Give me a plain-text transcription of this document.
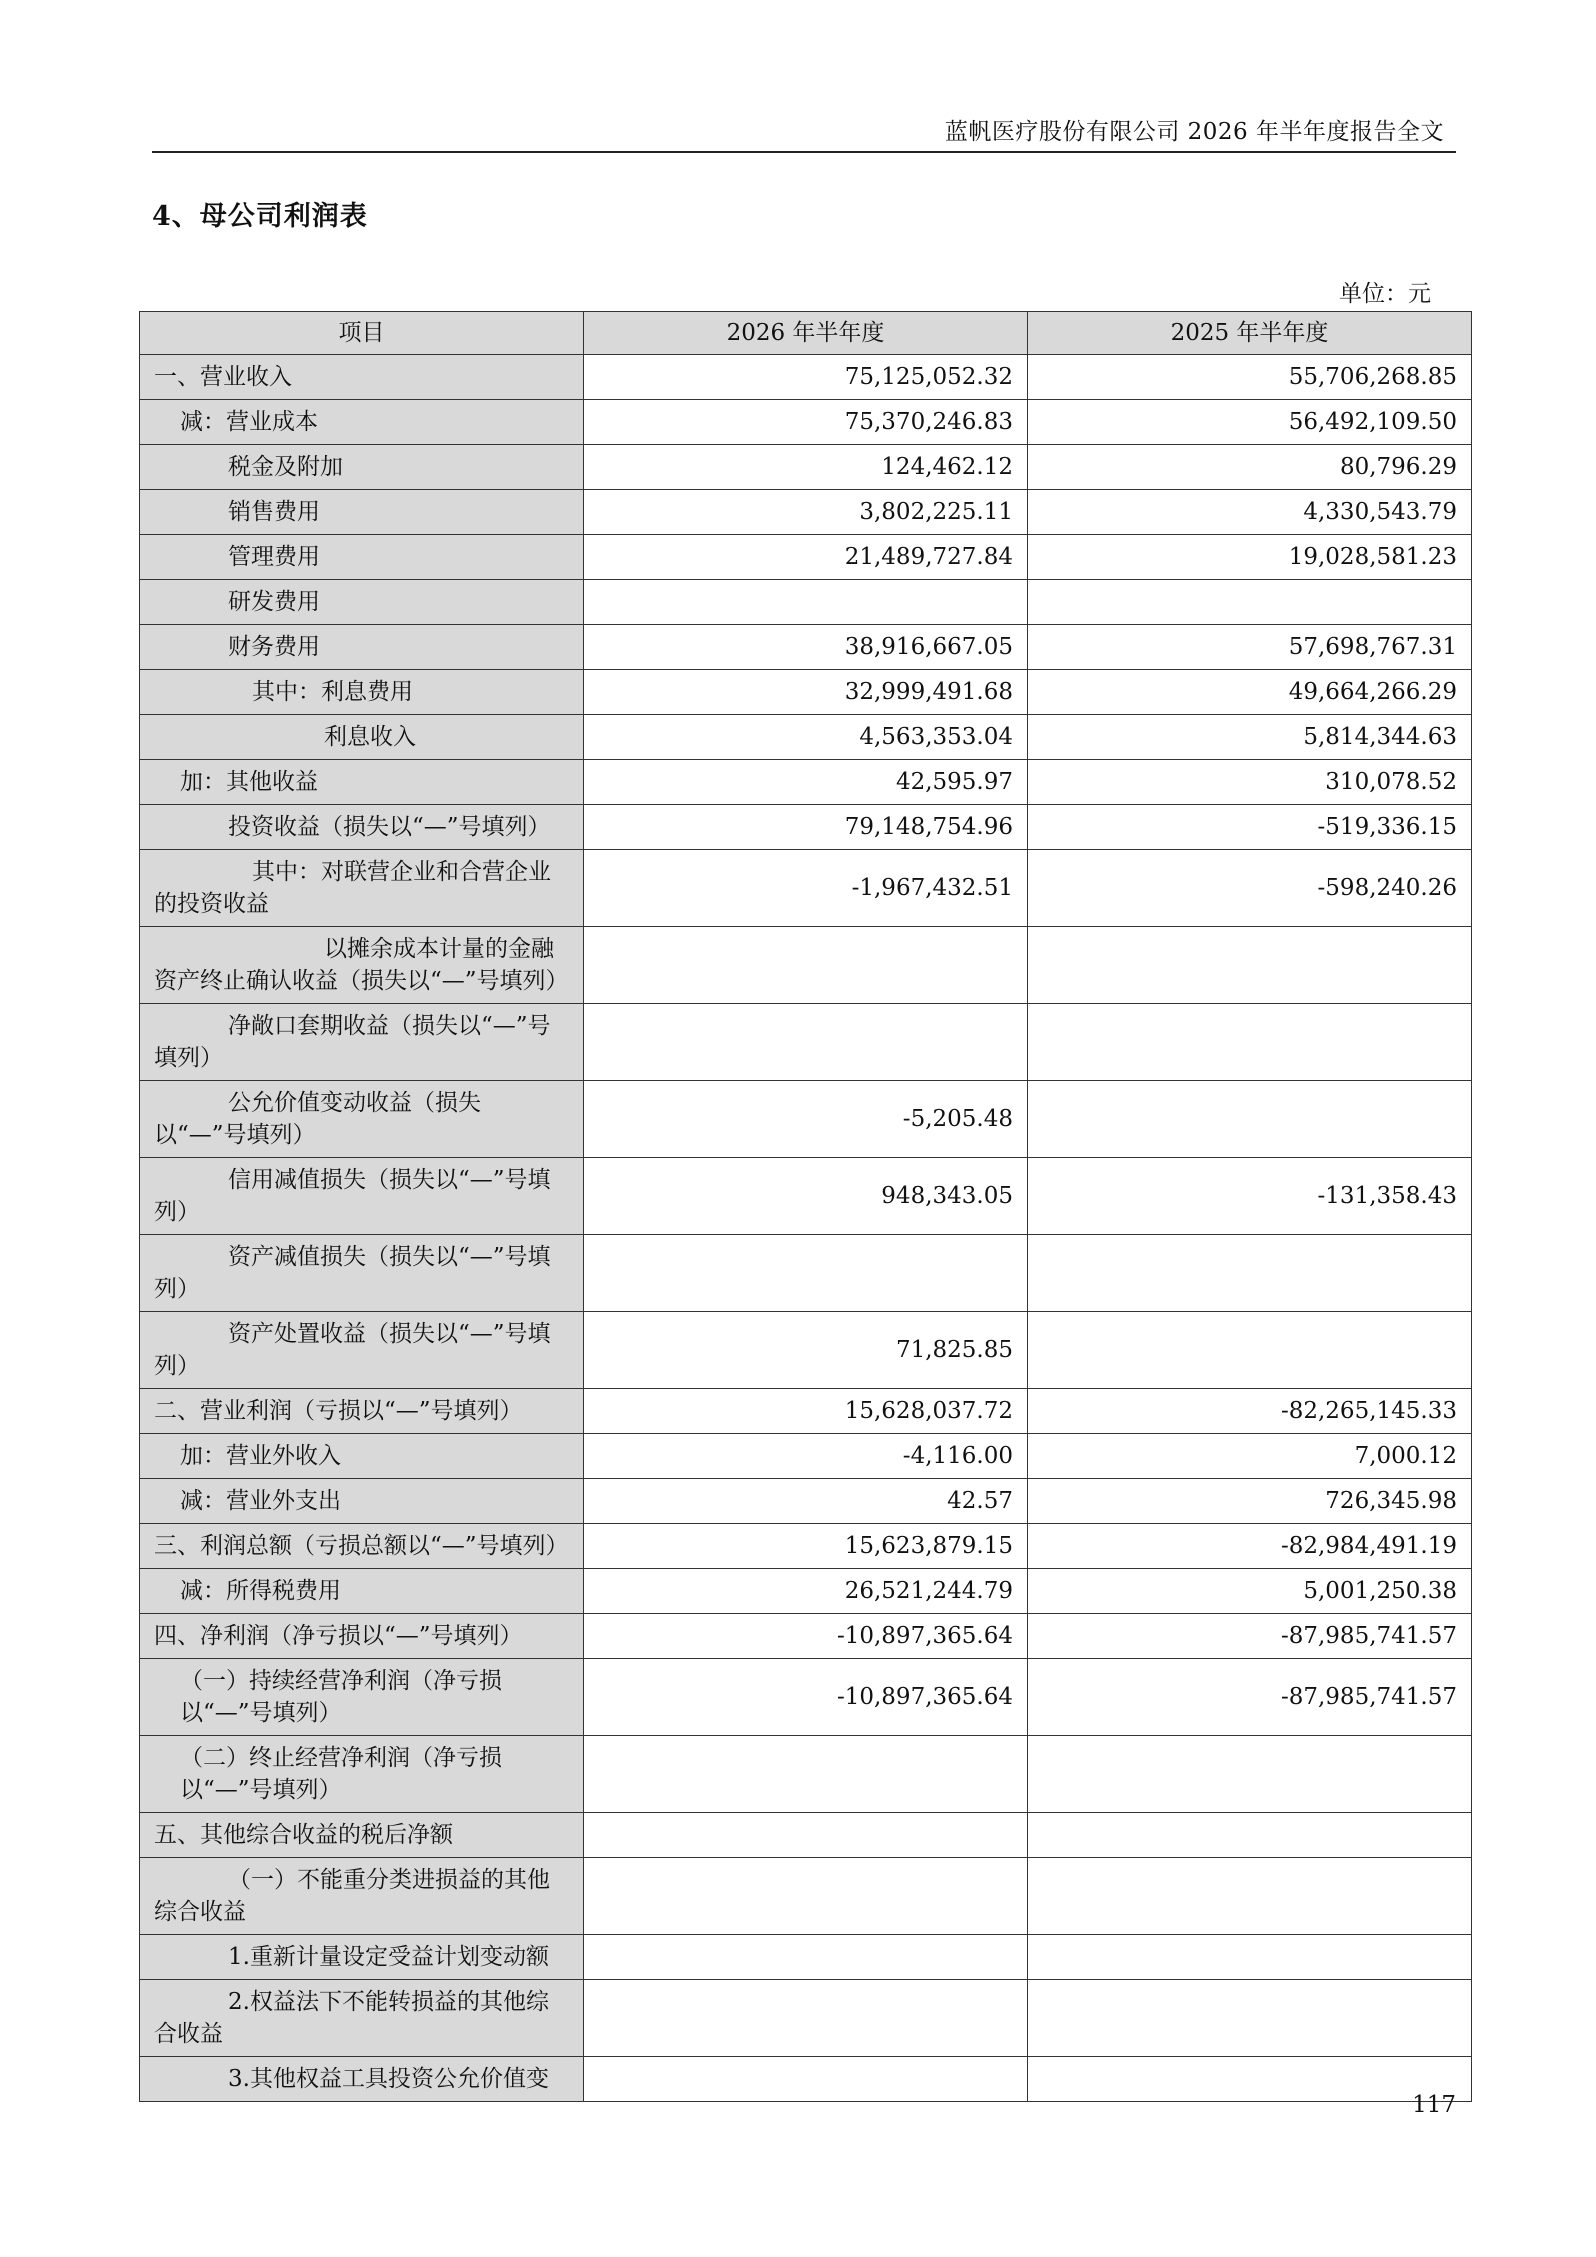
蓝帆医疗股份有限公司 2026 年半年度报告全文
4、母公司利润表
单位：元
项目	2026 年半年度	2025 年半年度
一、营业收入	75,125,052.32	55,706,268.85
减：营业成本	75,370,246.83	56,492,109.50
税金及附加	124,462.12	80,796.29
销售费用	3,802,225.11	4,330,543.79
管理费用	21,489,727.84	19,028,581.23
研发费用		
财务费用	38,916,667.05	57,698,767.31
其中：利息费用	32,999,491.68	49,664,266.29
利息收入	4,563,353.04	5,814,344.63
加：其他收益	42,595.97	310,078.52
投资收益（损失以“—”号填列）	79,148,754.96	-519,336.15
其中：对联营企业和合营企业的投资收益	-1,967,432.51	-598,240.26
以摊余成本计量的金融资产终止确认收益（损失以“—”号填列）		
净敞口套期收益（损失以“—”号填列）		
公允价值变动收益（损失以“—”号填列）	-5,205.48	
信用减值损失（损失以“—”号填列）	948,343.05	-131,358.43
资产减值损失（损失以“—”号填列）		
资产处置收益（损失以“—”号填列）	71,825.85	
二、营业利润（亏损以“—”号填列）	15,628,037.72	-82,265,145.33
加：营业外收入	-4,116.00	7,000.12
减：营业外支出	42.57	726,345.98
三、利润总额（亏损总额以“—”号填列）	15,623,879.15	-82,984,491.19
减：所得税费用	26,521,244.79	5,001,250.38
四、净利润（净亏损以“—”号填列）	-10,897,365.64	-87,985,741.57
（一）持续经营净利润（净亏损以“—”号填列）	-10,897,365.64	-87,985,741.57
（二）终止经营净利润（净亏损以“—”号填列）		
五、其他综合收益的税后净额		
（一）不能重分类进损益的其他综合收益		
1.重新计量设定受益计划变动额		
2.权益法下不能转损益的其他综合收益		
3.其他权益工具投资公允价值变		
117
